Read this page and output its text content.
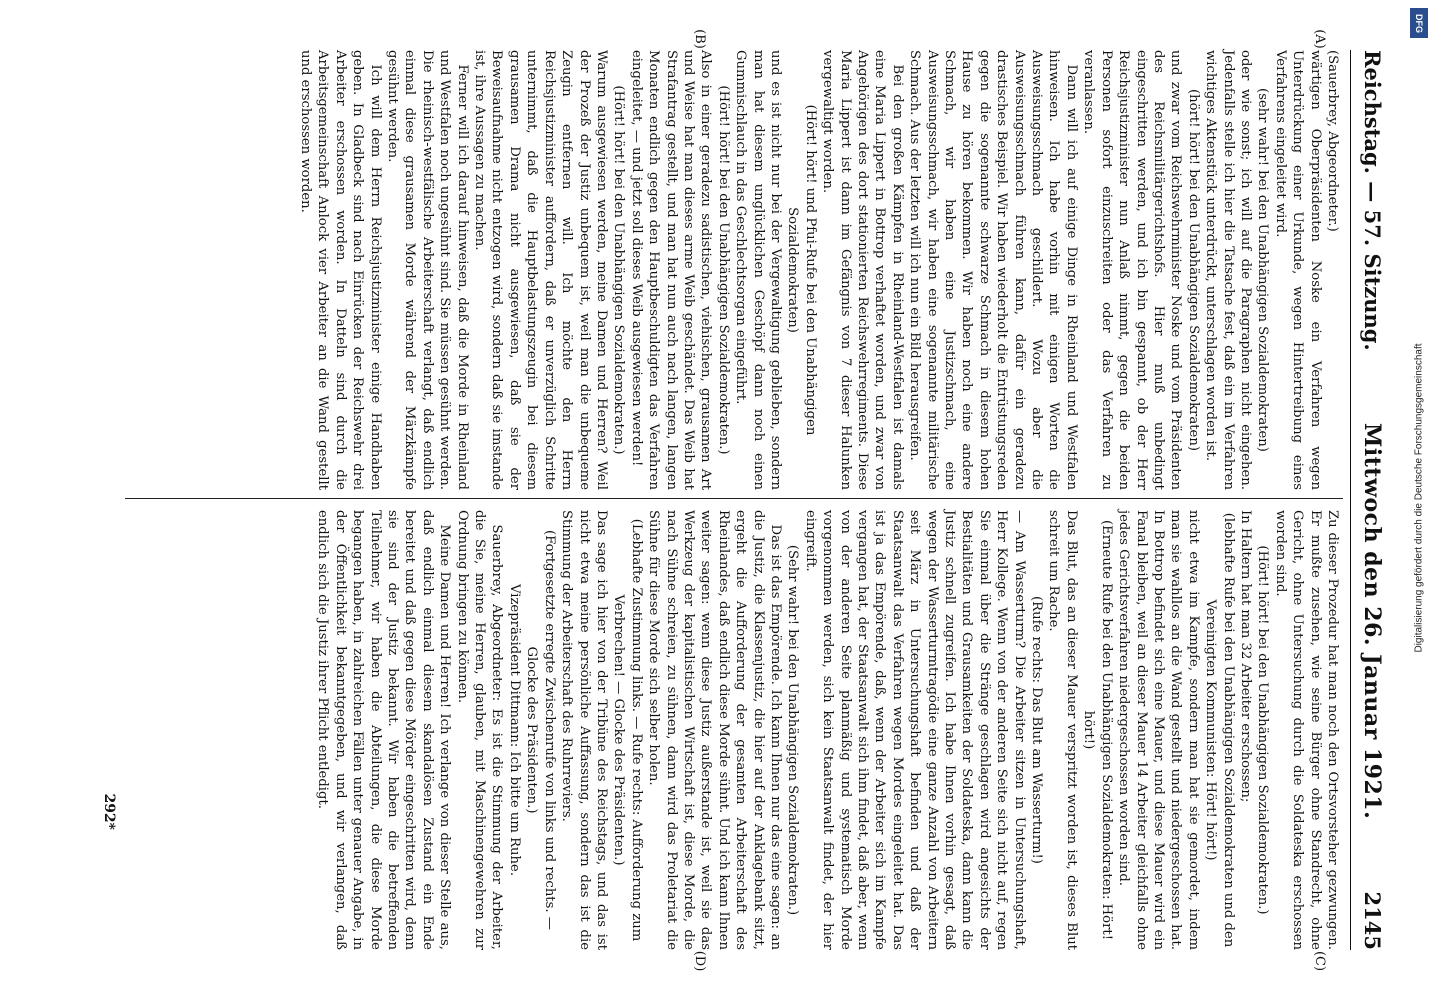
Reichstag. — 57. Sitzung.
Mittwoch den 26. Januar 1921.
2145
(A)
(B)
(C)
(D)

(Sauerbrey, Abgeordneter.)

wärtigen Oberpräsidenten Noske ein Verfahren wegen Unterdrückung einer Urkunde, wegen Hintertreibung eines Verfahrens eingeleitet wird.

(sehr wahr! bei den Unabhängigen Sozialdemokraten)

oder wie sonst; ich will auf die Paragraphen nicht eingehen. Jedenfalls stelle ich hier die Tatsache fest, daß ein im Verfahren wichtiges Aktenstück unterdrückt, unterschlagen worden ist.

(hört! hört! bei den Unabhängigen Sozialdemokraten)

und zwar vom Reichswehrminister Noske und vom Präsidenten des Reichsmilitärgerichtshofs. Hier muß unbedingt eingeschritten werden, und ich bin gespannt, ob der Herr Reichsjustizminister nun Anlaß nimmt, gegen die beiden Personen sofort einzuschreiten oder das Verfahren zu veranlassen.

Dann will ich auf einige Dinge in Rheinland und Westfalen hinweisen. Ich habe vorhin mit einigen Worten die Ausweisungsschmach geschildert. Wozu aber die Ausweisungsschmach führen kann, dafür ein geradezu drastisches Beispiel. Wir haben wiederholt die Entrüstungsreden gegen die sogenannte schwarze Schmach in diesem hohen Hause zu hören bekommen. Wir haben noch eine andere Schmach, wir haben eine Justizschmach, eine Ausweisungsschmach, wir haben eine sogenannte militärische Schmach. Aus der letzten will ich nun ein Bild herausgreifen.

Bei den großen Kämpfen in Rheinland-Westfalen ist damals eine Maria Lippert in Bottrop verhaftet worden, und zwar von Angehörigen des dort stationierten Reichswehrregiments. Diese Maria Lippert ist dann im Gefängnis von 7 dieser Halunken vergewaltigt worden.

(Hört! hört! und Pfui-Rufe bei den Unabhängigen Sozialdemokraten)

und es ist nicht nur bei der Vergewaltigung geblieben, sondern man hat diesem unglücklichen Geschöpf dann noch einen Gummischlauch in das Geschlechtsorgan eingeführt.

(Hört! hört! bei den Unabhängigen Sozialdemokraten.)

Also in einer geradezu sadistischen, viehischen, grausamen Art und Weise hat man dieses arme Weib geschändet. Das Weib hat Strafantrag gestellt, und man hat nun auch nach langen, langen Monaten endlich gegen den Hauptbeschuldigten das Verfahren eingeleitet, — und jetzt soll dieses Weib ausgewiesen werden!

(Hört! hört! bei den Unabhängigen Sozialdemokraten.)

Warum ausgewiesen werden, meine Damen und Herren? Weil der Prozeß der Justiz unbequem ist, weil man die unbequeme Zeugin entfernen will. Ich möchte den Herrn Reichsjustizminister auffordern, daß er unverzüglich Schritte unternimmt, daß die Hauptbelastungszeugin bei diesem grausamen Drama nicht ausgewiesen, daß sie der Beweisaufnahme nicht entzogen wird, sondern daß sie imstande ist, ihre Aussagen zu machen.

Ferner will ich darauf hinweisen, daß die Morde in Rheinland und Westfalen noch ungesühnt sind. Sie müssen gesühnt werden. Die rheinisch-westfälische Arbeiterschaft verlangt, daß endlich einmal diese grausamen Morde während der Märzkämpfe gesühnt werden.

Ich will dem Herrn Reichsjustizminister einige Handhaben geben. In Gladbeck sind nach Einrücken der Reichswehr drei Arbeiter erschossen worden. In Datteln sind durch die Arbeitsgemeinschaft Anlock vier Arbeiter an die Wand gestellt und erschossen worden.

Zu dieser Prozedur hat man noch den Ortsvorsteher gezwungen. Er mußte zusehen, wie seine Bürger ohne Standrecht, ohne Gericht, ohne Untersuchung durch die Soldateska erschossen worden sind.

(Hört! hört! bei den Unabhängigen Sozialdemokraten.)

In Haltern hat man 32 Arbeiter erschossen;

(lebhafte Rufe bei den Unabhängigen Sozialdemokraten und den Vereinigten Kommunisten: Hört! hört!)

nicht etwa im Kampfe, sondern man hat sie gemordet, indem man sie wahllos an die Wand gestellt und niedergeschossen hat. In Bottrop befindet sich eine Mauer, und diese Mauer wird ein Fanal bleiben, weil an dieser Mauer 14 Arbeiter gleichfalls ohne jedes Gerichtsverfahren niedergeschossen worden sind.

(Erneute Rufe bei den Unabhängigen Sozialdemokraten: Hört! hört!)

Das Blut, das an dieser Mauer verspritzt worden ist, dieses Blut schreit um Rache.

(Rufe rechts: Das Blut am Wasserturm!)

— Am Wasserturm? Die Arbeiter sitzen in Untersuchungshaft, Herr Kollege. Wenn von der anderen Seite sich nicht auf, regen Sie einmal über die Stränge geschlagen wird angesichts der Bestialitäten und Grausamkeiten der Soldateska, dann kann die Justiz schnell zugreifen. Ich habe Ihnen vorhin gesagt, daß wegen der Wasserturmtragödie eine ganze Anzahl von Arbeitern seit März in Untersuchungshaft befinden und daß der Staatsanwalt das Verfahren wegen Mordes eingeleitet hat. Das ist ja das Empörende, daß, wenn der Arbeiter sich im Kampfe vergangen hat, der Staatsanwalt sich ihm findet, daß aber, wenn von der anderen Seite planmäßig und systematisch Morde vorgenommen werden, sich kein Staatsanwalt findet, der hier eingreift.

(Sehr wahr! bei den Unabhängigen Sozialdemokraten.)

Das ist das Empörende. Ich kann Ihnen nur das eine sagen: an die Justiz, die Klassenjustiz, die hier auf der Anklagebank sitzt, ergeht die Aufforderung der gesamten Arbeiterschaft des Rheinlandes, daß endlich diese Morde sühnt. Und ich kann Ihnen weiter sagen: wenn diese Justiz außerstande ist, weil sie das Werkzeug der kapitalistischen Wirtschaft ist, diese Morde, die nach Sühne schreien, zu sühnen, dann wird das Proletariat die Sühne für diese Morde sich selber holen.

(Lebhafte Zustimmung links. — Rufe rechts: Aufforderung zum Verbrechen! — Glocke des Präsidenten.)

Das sage ich hier von der Tribüne des Reichstags, und das ist nicht etwa meine persönliche Auffassung, sondern das ist die Stimmung der Arbeiterschaft des Ruhrreviers.

(Fortgesetzte erregte Zwischenrufe von links und rechts. — Glocke des Präsidenten.)

Vizepräsident Dittmann: Ich bitte um Ruhe.

Sauerbrey, Abgeordneter: Es ist die Stimmung der Arbeiter, die Sie, meine Herren, glauben, mit Maschinengewehren zur Ordnung bringen zu können.

Meine Damen und Herren! Ich verlange von dieser Stelle aus, daß endlich einmal diesem skandalösen Zustand ein Ende bereitet und daß gegen diese Mörder eingeschritten wird, denn sie sind der Justiz bekannt. Wir haben die betreffenden Teilnehmer, wir haben die Abteilungen, die diese Morde begangen haben, in zahlreichen Fällen unter genauer Angabe, in der Öffentlichkeit bekanntgegeben, und wir verlangen, daß endlich sich die Justiz ihrer Pflicht entledigt.

292*
DFG
Digitalisierung gefördert durch die Deutsche Forschungsgemeinschaft
